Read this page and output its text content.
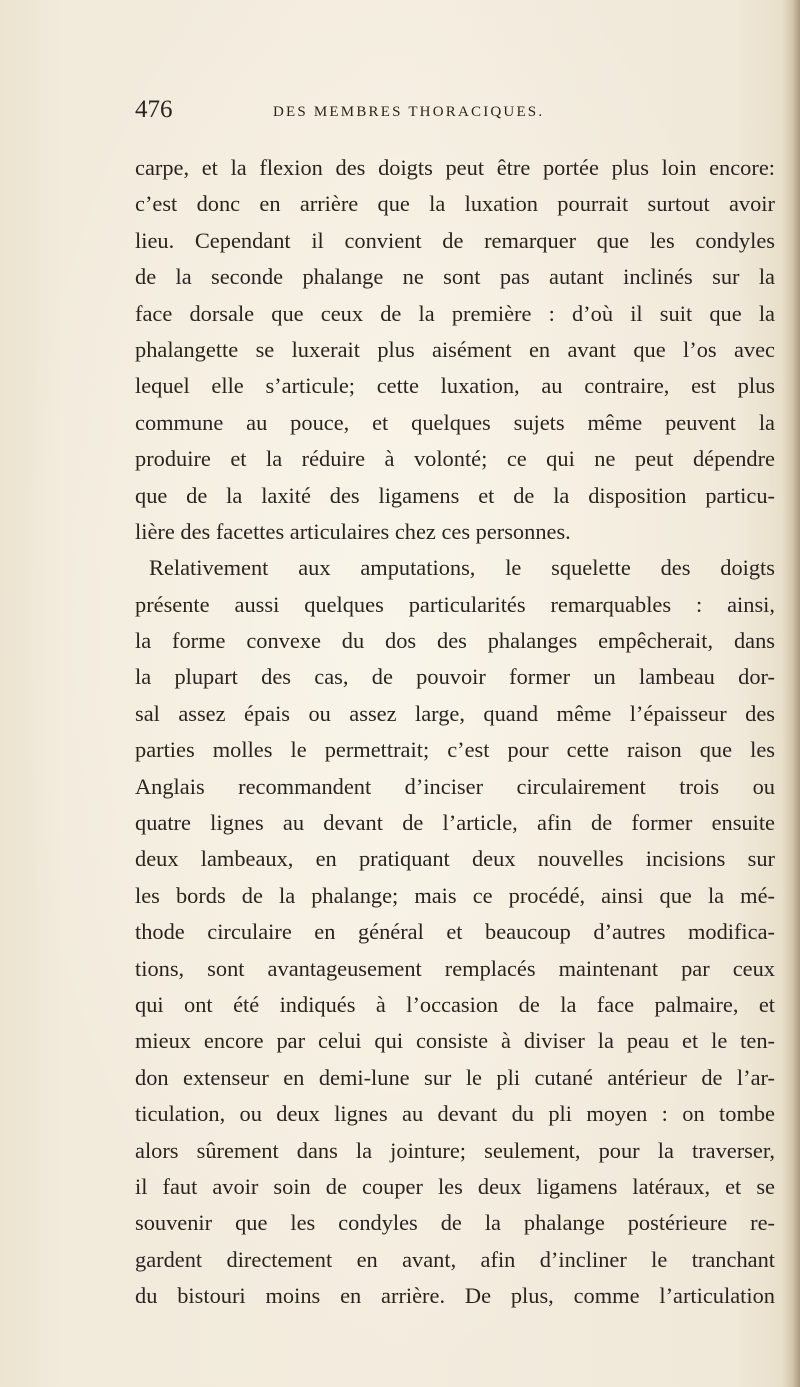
476	DES MEMBRES THORACIQUES.
carpe, et la flexion des doigts peut être portée plus loin encore:
c’est donc en arrière que la luxation pourrait surtout avoir
lieu. Cependant il convient de remarquer que les condyles
de la seconde phalange ne sont pas autant inclinés sur la
face dorsale que ceux de la première : d’où il suit que la
phalangette se luxerait plus aisément en avant que l’os avec
lequel elle s’articule; cette luxation, au contraire, est plus
commune au pouce, et quelques sujets même peuvent la
produire et la réduire à volonté; ce qui ne peut dépendre
que de la laxité des ligamens et de la disposition particu-
lière des facettes articulaires chez ces personnes.
Relativement aux amputations, le squelette des doigts
présente aussi quelques particularités remarquables : ainsi,
la forme convexe du dos des phalanges empêcherait, dans
la plupart des cas, de pouvoir former un lambeau dor-
sal assez épais ou assez large, quand même l’épaisseur des
parties molles le permettrait; c’est pour cette raison que les
Anglais recommandent d’inciser circulairement trois ou
quatre lignes au devant de l’article, afin de former ensuite
deux lambeaux, en pratiquant deux nouvelles incisions sur
les bords de la phalange; mais ce procédé, ainsi que la mé-
thode circulaire en général et beaucoup d’autres modifica-
tions, sont avantageusement remplacés maintenant par ceux
qui ont été indiqués à l’occasion de la face palmaire, et
mieux encore par celui qui consiste à diviser la peau et le ten-
don extenseur en demi-lune sur le pli cutané antérieur de l’ar-
ticulation, ou deux lignes au devant du pli moyen : on tombe
alors sûrement dans la jointure; seulement, pour la traverser,
il faut avoir soin de couper les deux ligamens latéraux, et se
souvenir que les condyles de la phalange postérieure re-
gardent directement en avant, afin d’incliner le tranchant
du bistouri moins en arrière. De plus, comme l’articulation
